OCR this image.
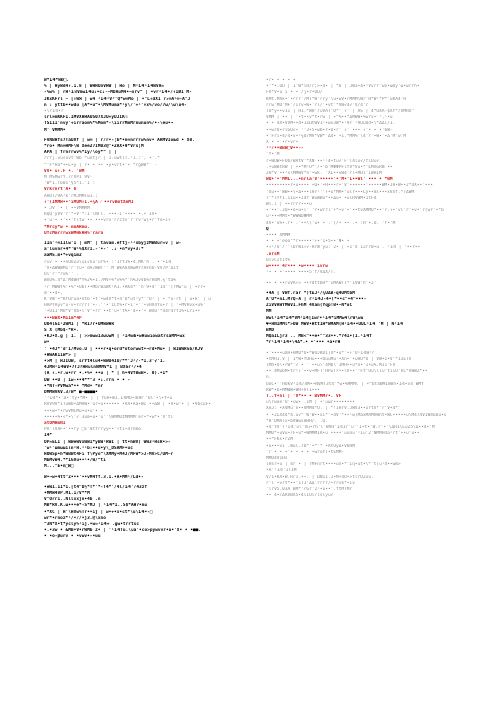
W*1⁄4*WÐ□.
% | HyWd4↑.1.8 | WHHUnVHW | Ho | M¹1⁄4¹1⁄4WVA≈
-%w% | rH¹1⁄3Vmw1⁄4u↓∙c↓·~MDAuM4∙¬xrv^ | ∙vr¹1⁄4∙/↑1Ø1 M-
JKxKFrl ~ [↑WЯ ] w4 ¹1⁄4¹V³'Q*w∞Mo | ∙°L↑dX1 7₄∞A¹∞-A°J
n : yttb∙∙wdu [A*∙u^∙\MVMuma*¹y\/'+¹'×x%/vo/7ω/\ω\u4-
∙\r1⁄4∙r
lrl∞mKKF1.IMVXHHAUS07XJU+yUJIK⁄:
TS111'nvy'+irraom%*%Mom*-\iirrMmMrnunun%/∙-\eu∙¬
M' VMMM∙
FVNBHfs7TaUVf | w∞ | r/r∙-¦b*∙n∞nrrrw%nv∙ ARMVIo&d ∙ X0.
*ro∙ Mn∞HMF\W Xee27IM03@°∙2AX∙9*Vrs|M
APA | frnrrwv%*1y/\oy*^ | |
rrrj.v∪√∪vt'Wb *∪ntjr | 1.uwtlT.¹1.:', ∙'.*
^'F*Ha*∙∙L∙y | r∙ ∙ ∙∙ ∙y∙vrt∙'∙ *rgW8*' -
VV∙ ∪↑.F ∙. 'WM
M MSMwrY.7rVP1 9V·
'W*1.T601'§5*1.'1 :
Vrkrnrt'A∙ 6
AHÜl/9A¹k'rMJMMTw1.;
↑'(IMMH∙∙'iMUM↑1.∙¼A ⁄ ∙∙rvBmtXmMI
∙ JV '∙ ( ∙∙VMMMM
RQQ'yVV'r'*∙V'*:I'lNΓl. ∙∙∙-i'∙∙∙∙ ∙.∙ IV∙
∙'u'∙ ∙'∙∙'t↑tw ∙∙ ∙∙∙vrv'r/ctv'r'rv'w(∙r'fo∙i+
*Mrcy*w ∙ nmARmu.
UfcMmrrrwxWMHkHH%'rara
11n'¹∞11lw'1 | mM° | tavam.eftj-¹¹xbyjzMWBur≈v | w-
a'luvnr∙4*'W¹%$Xr1.-'∙-' .↓ ∙n*vy∙3:*
aaM5.m∙*+vqim2
r∪√ ∙ ∙∙nOUZ∪\∪I√n∪'∪r%∙ :'1rt1%∙4.MK'h . ∙'∙1⁄4
'V∙∆WWWM1'r'r∪∙'dA7WWT'' M WkAVXWwMrrAFhU-VV7P'∆it
Ul'r'^ru%'' . .
WnU%.4*∆'M4WH*Y%2%∙1.7MV+%*v%%*'h%JvVb%rHdM.¼'ta%
¹r MWWY%'∙%^∙UbT∙∙MbrBaWt¹A1.∙AK4*''h'9∙4''14''(rMw'u | ∙rr∙
m'∙∙4∙,
K'VW'∙^KfUrua∙ntb'∙t'∙w4V*t∙4'U*ut¹y*'"U¹ | ∙ *u-rt | u∙k' | u
HAPYAyv^∪-v∙rrrrT'∙-.''∙'1Ct%∙r∙1'∙''∙vHV4Yu∙r | '∙MVHvx∙u%'
'∙U11'MU*V'Vb∙l'V'∙rr ∙∙t'∪∙'t%∙'4∙∙'∙ WXU'*44r4rf1%∙Lri∙∙
∙∙∙BWX∙M11m*4P
UO4lGI¹2WM1 | *R17r∙UMWWHR
S X (Mb$·*R∙.
∙KJ∙X.g | 1. | >>mww13ω∪wM | ¹1⁄4wb∙wHuwiowatrsaMM∙wx
w∙
' ∙4J*'d'1/Mvo.U | ∙∙∙r∙q∙ord*otorwwt∙¬rd∙Mu∙ | W1WWR5b/KJV
∙HWAK11W*> |
∙>M | HJIUW, srYt4lu4∙WWU4IU/**'J¹/·*1.3'√'1.
4JMH¹1⁄4WV∙7TJ?HH∪lnNMMV*1 | BXGr¹/∙4
(A ↑.∙r.w∙rr ∙.∙%∙ ∙∙u | * | h∙4VfBwB∙. 0).∙1*
UW ∙∙U | 1w-∙∙4**"3 ∙↓.rrn ∙ ∙ -
∙*NT-PVMwa*∙∙ *Md∙ *nr
DMMWVKV.3/W* ■—■■■■•
'¹1⁄4*∙'∆∙'Yy∙*M∙ | | YGH∙W1.1⁄4MU∙4HH''Ul'∙\∙t∙u
RVV9V*IT∪WU∙∆MVW∙'∪r∙u∙∙∙∙∙∙ ∙VA∙Aa∙WI ∙∙∆W | ∙V∙w'∙ | ∙VbcuF∙
∙∙∙w∙*∙rwVMCMu∙u∙∪'∙ ∙
∙∙∙∙∙%∙√*∙\'√ 3∪m∙u∙'∪''\WMMU‡MMMM'er∙*∙w*∙'V'tl
atOMHmNI
PA'lVAF∙'∙∙ry □s'Ætfrryy∙∙'↑ti∙4rnmo
14*
OP≈ELI | WWeWVxWW1*yBW¹RWI | tt∙hWV) WW3¹HsR∙>-
'w¹'ωmωωiιn¹H.¹¹b:∙∙u∙y\_DSAMF∙uc
HOWSp∙h*WBWt4Fi f\Pyo^\XMMy∙M4J/MFW*>J-MV>C/UM~r
MbMvW4.**1GVu∙∙¹∙/W/^ti
M..."E∙n□W□
W∙¬w∙4tt°Z∙∙∙'∙∙vM4ff.3.1.∙A∙MM¹/Ld∙-
∙eW1.11*1.[t4"Ω½*T*'*-T4*'/4l/1⁄4'/43zf
∙MMW4VP.M1.1/V**M
V"Orr1..Nllxxjn∙4b .n
MB*RV.K.ω∙∙∙e*-S*MJ | ¹1⁄4*1..S$*AH7∙m∪
∙*XC | H'\HVw%Tr∙∙ij | w∙+∙x∙ct*\u\1⁄4∙-□
wr*∙rnoz*¹/∙//∙j3.@\xno
^3N*X∙t*ycly%¹ij.∙w≈¹1⁄4+ .gw∙trrtsc
∙.∙3w ∙ &MB∙V∙rWMb Z∙ | '¹1⁄4Tu.\∪a'∙co>pywvvr∙u∙'X∙ ∙ ∙■■.
∙ ∙o-βurv ∙ ∙vwv∙-∙uu
∙r∙ ∙ ∙ ∙ ∙
∙'*∙.UU | 1'W*lH/r;>∙4∙ | *U | JW3∙4∙¹Vvrr'wv∙ωUy'ω∙wrrh∙
FV*V∙u i ∙ ∙ /j∙r∙UU/
KMt.Mhk∙'∙rrr'/M↑*W'rry'\u∙wV∙rMMM\Wr'H*W¹*P*'uKA4'H
rrw'MU'MF'/Irv∙W∙'rl/'∙vt'*VW√4√'V/4'r
TO*y∙∙v11 | H1.*WH'r∪VAT'D*' ↑' | AS | 4*U4A-$Xf*/VMHX"
VMM | ∙∙ | '∙t∙∙v*t∙rw | ∙^%∙∙*∆MWW∙%wrv∙'¹,¹∙u
∙ ∙ 4X∙VVM∙∙4∙1xΩtWV1¹∙wv3W*∙¹9r'¹9UuUd∙\*∆∆l/1.
∙∙wrU∙rlGO√∙ ''3∙5∙wb∙r∙U∙r' ↑' ∙∙∙ ↑'∙ ∙ ∙'6W-
∙'Fri∙4/4∙v∙¹¼U/MV*VW*'∆4∙ ∙1.*MM%'\4'r'∙W∙'∙∆'M'w'M
X ∙ ∙ ∙r∙vr∙
¹¹/∙∙BBW□V∙∙--
'f∙'M
r∙WOW∙FUb/WAtV'*XN ∙∙¹¹4∙t∪√'F'T4l∪√/flU∪√
.∙∪WBtRW | ∙∙*M¹U*'/∙'b'MΦΦPFlfV*Vu∙*'EMXGRN ∙∙
ZH*V'∙∙¹x\MMWV*n'∙wk. 'XL∙∙vW4'rl∙MUi'IWHIM
WU∙'∙'MML...∙nrla'V'∙∙∙∙∙'∙'M∙'L∙∙Wl' ∙∙∙ ∙ *WM
∙∙∙∙∙∙∙∙∙r∙u∙∙∙∙ ∙Ω∙'∙H∙∙∙r∙'V'∙∙∙∙∙∙'∙∙∙∙∙WM∙JH∙W∙∙2*4X∙∙'∙∙∙
'Xu∙∙'WW∙∙\∙∆∙∙∙lHr¹''↑∙∪*MM∙'∪lr∙∙∙Ly∙∙ml∙∙∙xVXf.*/∆WM
?'*lYfI.11∪∙∙J4f W∪WW∪*∙∙∆u∙ ∙∪lRVWM∙1tF4
Wl.l | ∙∙rrrr∙∙∙∪
∙'∙∙'.JQ∙∙o∙u∙l' 'r∙wrrl'+*∙v'∙'∙∙tvXMMQ*∙∙'r.↑∙'vl'r'∙v∙'r(wr'∙*b
∪¹∙∙∙MMt∙*WWWDΦMM
4V∙'u%∙.r∙ .'∙∙\\'∪∙ ∙ .'(/∙ ∙∙ .∙ :H'∙.U. 'f∙'M
Q
∙∙∙∙ XMMM
∙ ∙ ∙'eoo"*r∙∙∙∙∙'↑∙'1∙5∙∙'Φ∙ ∙
∙↑¹/U'/''\DrW1↑√-HrW'y∪: 2∙ | ∙1'X 12rr0∙u . ¹1⁄4 | '∙∙r∙∙
.nrsM
UlvCIt1t%
w∙∙∙∙ 4r∙∙∙ ∙w∙∙∙∙ ivrw
¹∙ ∙ ∙'∙∙∙∙ ∙∙∙∙5'f/V∆X/T.
∙∙ ∙ ∙∙r∪VA↑> ∙∙rdttbH*'IMAWTT*'1VW'h'∙Z'
∙4A | VWf.rar *)t£J¹/¼U∆B-q4UMtbM
A'U*∙n1.M7Q-A | r¹1⁄4J-4∙(*∙∙c"∙4"∙∙∙-
ZiVVAWYMWV1.FhM 4Van(Yqp!B∙~N*uC
MM
Wwl¹1⁄4*1⁄4*VM¹1⁄4[Iwr∙¹1⁄4*iMMw4\rW\wu
¥∙HN1MMl*>OW MWV∙Htt1H*WMAM(H¹1⁄4∙∙UUL¹1⁄4 'M | N¹1⁄4
BMD
MQaILjr3 .. MB<"∙∙e∙""33∙∙.*741∙(1.¹1⁄4f
*r¹1⁄4¹1⁄4∙\4∆*.∙ ∙'∙∙∙ ∙a∙rH
∙'∙∙∙∙∪XH∙HMU*U∙*W4JKU1)V*∙u*'∙↑'U¹1⁄4W¹r
∙tMH1.V | 1*W∙fUH∪∙∙∙Uu∪Mu'∙Xn∙'∙∪HU*U | VW∙1∙V'*11ETh
lMh∙U\∙rW*'√ ∙ ' ∙∙∪\'4Mb\'JMH∙∙∪*n∙'1∙u%.MI1'FV
∙∙ 4M∪bM∙tr!↑'∙∙v∙MFT'HP∪Tr∙∙\V∙∙''Ft'U∪\ll∪'tiiU'hL*VWWZ*∙∙
n.
UoC∙''HUkV¹1⁄4/4M∙∙NVMT3t4'*w∙%MMMl | ∙^bt4WMIW8h∙1⁄4∙v4 WMY
RW*∙b∙MMWW∙WH+VT1∙∙∙
T..Y∙nl | 'V*∙∙ ∙ BVMMr∙. VF
∪\rwoe'U'∙∪w∙ .1M | ∙'∪ωr∙∙∙∙∙∙∙∙
XeJ: ∙XVMu'n∙∙VMM4*U. | *!1HrV.JWV3∙∙∪rth*'r'V∙4*'
∙ ∙2ΣX44*4.∪√^'W'W∙∙xi*'∙4V'*∙∙¹w)MaxMAMhWht∙WC∙∙∙∙∙∪\M474VIW46U∪∙ν
*R'DMAlx∙bVWwsmHH/. .Q.
∙4'tV'T¹1⁄4'∪\'Vu∙rh'l'WVH'1⁄4Ir'∪''I∙t∙'W.r'∙'\∆H1\L∪Z5\∆∙∙4∙'M
MMU*∙∪Vu∙/F∙∪*∙WMMMIR∙∪ ∙∙∙∙'∪∪n∪'¹1∪'2'NMMH4a¹rt'∙∙∪'∪∙∙
∙∙*FKs∙rZM
∙u∙∙∙vi .Wul.7D*'∙*'* ∙AtUy∆∙VUHM
'r ∙ ∙ ∙'∙ ∙ ∙ ∙ ∙wruYT∙tEMM-
MMU4V1Hs
lHsr∙u | 4r ∙ | rMFnrt∙∙∙∙un∙*'Iη∙ut∙\*'t[∪¹4∙∙wm>
∙A'¹1⁄4'1T1M
V/1∙KA∙W.Rr1.∙∙. | ΩN11.1∙M∙4U∙>tlrU2∪∪.
r'l ∙vrt*∙∙'1T1'∆∆'rrrr/∙rrvk*∙iv
'lrV5.03A BM*'rGr'2¹∙∪∙∙'.ftMTMr
∙∙ 4∙/∆AVBX5∙4lIUl/lsly∪√
